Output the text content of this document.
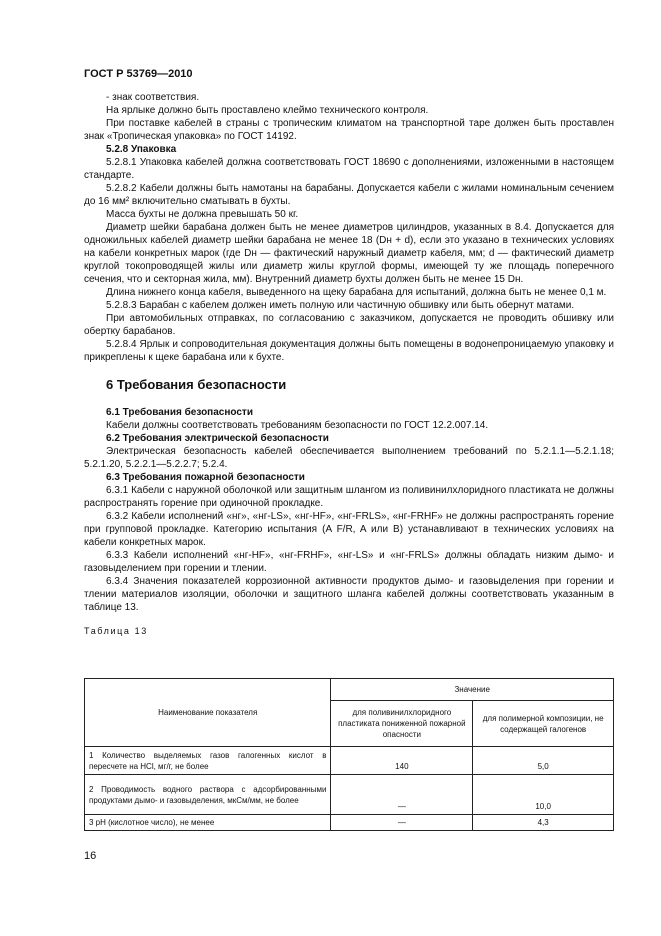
ГОСТ Р 53769—2010

- знак соответствия.

На ярлыке должно быть проставлено клеймо технического контроля.

При поставке кабелей в страны с тропическим климатом на транспортной таре должен быть проставлен знак «Тропическая упаковка» по ГОСТ 14192.

5.2.8 Упаковка

5.2.8.1 Упаковка кабелей должна соответствовать ГОСТ 18690 с дополнениями, изложенными в настоящем стандарте.

5.2.8.2 Кабели должны быть намотаны на барабаны. Допускается кабели с жилами номинальным сечением до 16 мм² включительно сматывать в бухты.

Масса бухты не должна превышать 50 кг.

Диаметр шейки барабана должен быть не менее диаметров цилиндров, указанных в 8.4. Допускается для одножильных кабелей диаметр шейки барабана не менее 18 (Dн + d), если это указано в технических условиях на кабели конкретных марок (где Dн — фактический наружный диаметр кабеля, мм; d — фактический диаметр круглой токопроводящей жилы или диаметр жилы круглой формы, имеющей ту же площадь поперечного сечения, что и секторная жила, мм). Внутренний диаметр бухты должен быть не менее 15 Dн.

Длина нижнего конца кабеля, выведенного на щеку барабана для испытаний, должна быть не менее 0,1 м.

5.2.8.3 Барабан с кабелем должен иметь полную или частичную обшивку или быть обернут матами.

При автомобильных отправках, по согласованию с заказчиком, допускается не проводить обшивку или обертку барабанов.

5.2.8.4 Ярлык и сопроводительная документация должны быть помещены в водонепроницаемую упаковку и прикреплены к щеке барабана или к бухте.

6 Требования безопасности

6.1 Требования безопасности

Кабели должны соответствовать требованиям безопасности по ГОСТ 12.2.007.14.

6.2 Требования электрической безопасности

Электрическая безопасность кабелей обеспечивается выполнением требований по 5.2.1.1—5.2.1.18; 5.2.1.20, 5.2.2.1—5.2.2.7; 5.2.4.

6.3 Требования пожарной безопасности

6.3.1 Кабели с наружной оболочкой или защитным шлангом из поливинилхлоридного пластиката не должны распространять горение при одиночной прокладке.

6.3.2 Кабели исполнений «нг», «нг-LS», «нг-HF», «нг-FRLS», «нг-FRHF» не должны распространять горение при групповой прокладке. Категорию испытания (A F/R, A или B) устанавливают в технических условиях на кабели конкретных марок.

6.3.3 Кабели исполнений «нг-HF», «нг-FRHF», «нг-LS» и «нг-FRLS» должны обладать низким дымо- и газовыделением при горении и тлении.

6.3.4 Значения показателей коррозионной активности продуктов дымо- и газовыделения при горении и тлении материалов изоляции, оболочки и защитного шланга кабелей должны соответствовать указанным в таблице 13.

Таблица 13

Наименование показателя	Значение	
	для поливинилхлоридного пластиката пониженной пожарной опасности	для полимерной композиции, не содержащей галогенов
1 Количество выделяемых газов галогенных кислот в пересчете на HCl, мг/г, не более	140	5,0
2 Проводимость водного раствора с адсорбированными продуктами дымо- и газовыделения, мкСм/мм, не более	—	10,0
3 pH (кислотное число), не менее	—	4,3
16
